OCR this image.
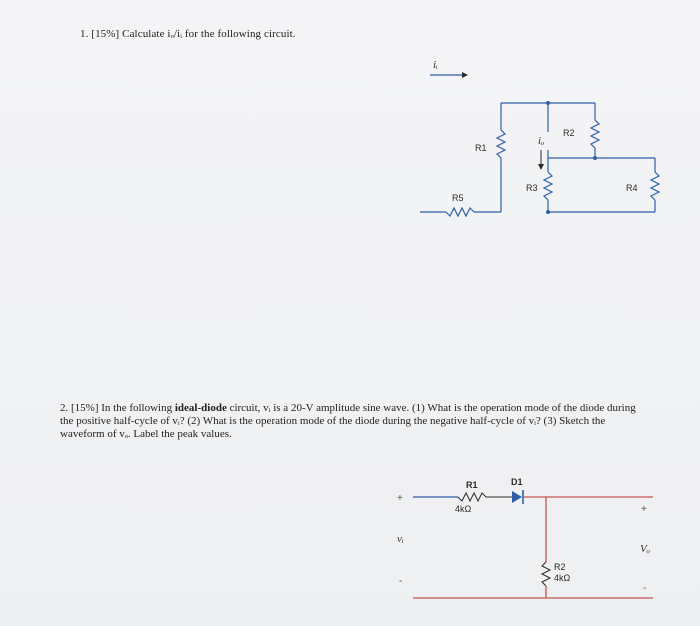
1. [15%] Calculate iₒ/iᵢ for the following circuit.
iᵢ
iₒ
R1
R2
R3	R4
R5
2. [15%] In the following ideal-diode circuit, vᵢ is a 20-V amplitude sine wave. (1) What is the operation mode of the diode during the positive half-cycle of vᵢ? (2) What is the operation mode of the diode during the negative half-cycle of vᵢ? (3) Sketch the waveform of vₒ. Label the peak values.
R1
4kΩ
D1
R2
4kΩ
+
vᵢ
-
+
Vₒ
-
